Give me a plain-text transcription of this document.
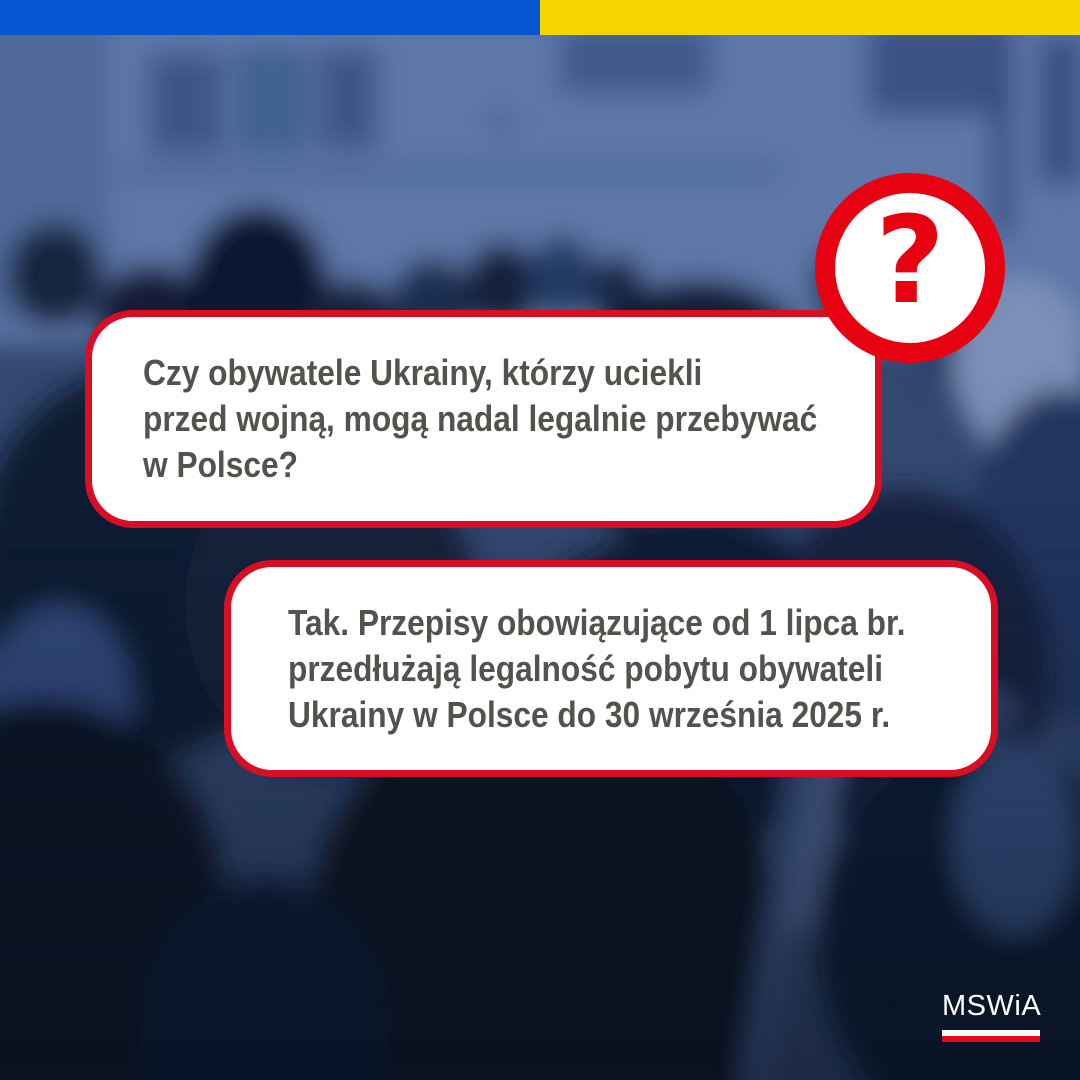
Czy obywatele Ukrainy, którzy uciekli
przed wojną, mogą nadal legalnie przebywać
w Polsce?
Tak. Przepisy obowiązujące od 1 lipca br.
przedłużają legalność pobytu obywateli
Ukrainy w Polsce do 30 września 2025 r.
?
MSWiA
